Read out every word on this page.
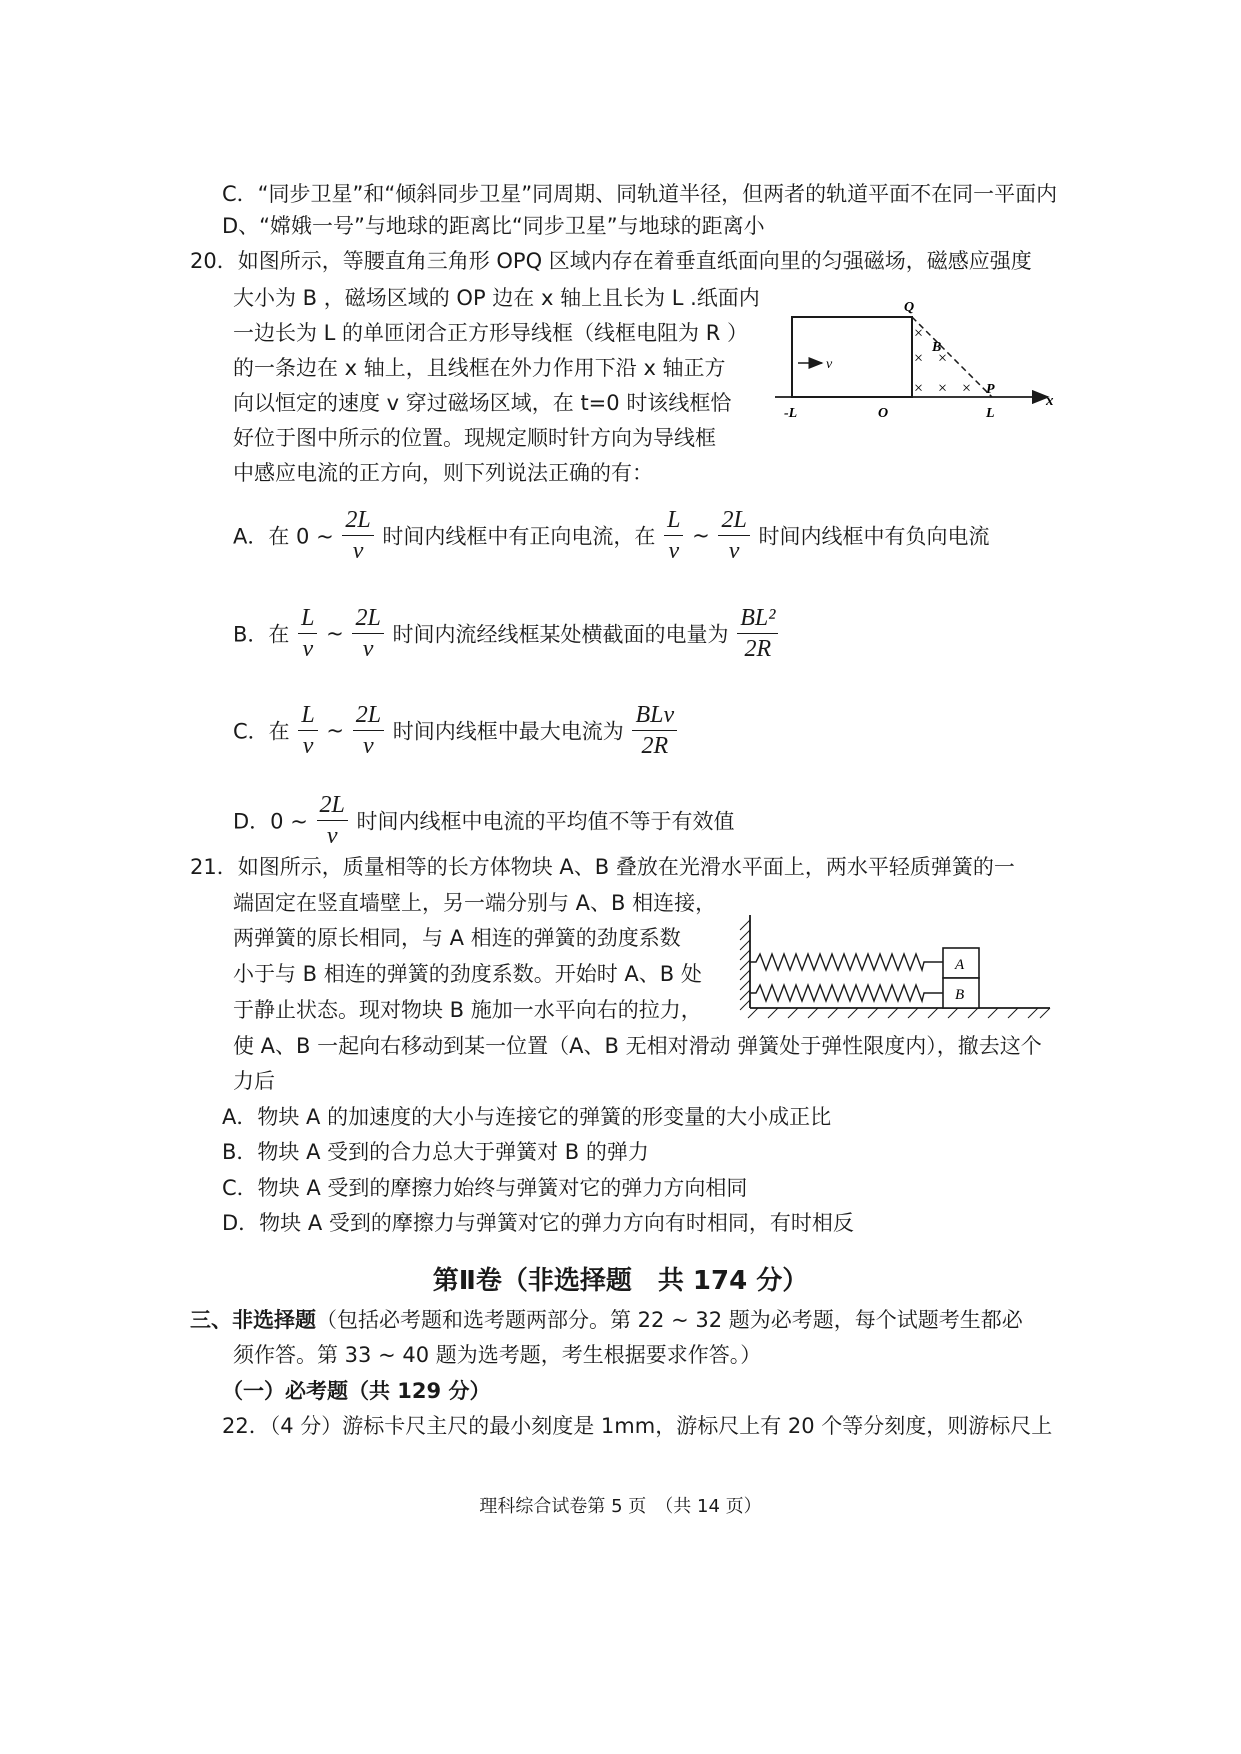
C．“同步卫星”和“倾斜同步卫星”同周期、同轨道半径，但两者的轨道平面不在同一平面内
D、“嫦娥一号”与地球的距离比“同步卫星”与地球的距离小
20．如图所示，等腰直角三角形 OPQ 区域内存在着垂直纸面向里的匀强磁场，磁感应强度
大小为 B ，磁场区域的 OP 边在 x 轴上且长为 L .纸面内
一边长为 L 的单匝闭合正方形导线框（线框电阻为 R ）
的一条边在 x 轴上，且线框在外力作用下沿 x 轴正方
向以恒定的速度 v 穿过磁场区域，在 t=0 时该线框恰
好位于图中所示的位置。现规定顺时针方向为导线框
中感应电流的正方向，则下列说法正确的有：
v
×
×
×
×
× ×
B
Q
P
-L	O	L
x
A．在 0 ~ $\frac{2L}{v}$ 时间内线框中有正向电流，在 $\frac{L}{v}$ ~ $\frac{2L}{v}$ 时间内线框中有负向电流
B．在 $\frac{L}{v}$ ~ $\frac{2L}{v}$ 时间内流经线框某处横截面的电量为 $\frac{\text{BL²}}{2R}$
C．在 $\frac{L}{v}$ ~ $\frac{2L}{v}$ 时间内线框中最大电流为 $\frac{\text{BLv}}{2R}$
D．0 ~ $\frac{2L}{v}$ 时间内线框中电流的平均值不等于有效值
21．如图所示，质量相等的长方体物块 A、B 叠放在光滑水平面上，两水平轻质弹簧的一
端固定在竖直墙壁上，另一端分别与 A、B 相连接，
两弹簧的原长相同，与 A 相连的弹簧的劲度系数
小于与 B 相连的弹簧的劲度系数。开始时 A、B 处
于静止状态。现对物块 B 施加一水平向右的拉力，
使 A、B 一起向右移动到某一位置（A、B 无相对滑动 弹簧处于弹性限度内），撤去这个
力后
A
B
A．物块 A 的加速度的大小与连接它的弹簧的形变量的大小成正比
B．物块 A 受到的合力总大于弹簧对 B 的弹力
C．物块 A 受到的摩擦力始终与弹簧对它的弹力方向相同
D．物块 A 受到的摩擦力与弹簧对它的弹力方向有时相同，有时相反
第Ⅱ卷（非选择题　共 174 分）
三、非选择题（包括必考题和选考题两部分。第 22 ~ 32 题为必考题，每个试题考生都必
须作答。第 33 ~ 40 题为选考题，考生根据要求作答。）
（一）必考题（共 129 分）
22．（4 分）游标卡尺主尺的最小刻度是 1mm，游标尺上有 20 个等分刻度，则游标尺上
理科综合试卷第 5 页　（共 14 页）
